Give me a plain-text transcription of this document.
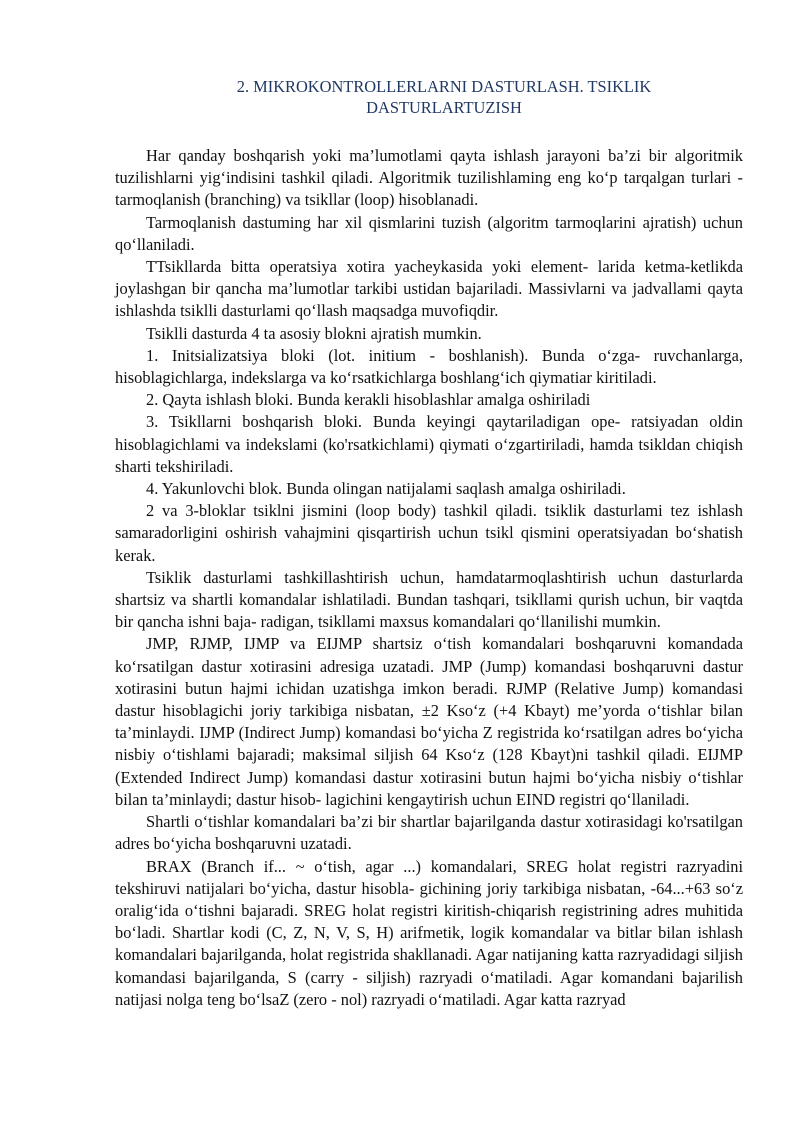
2. MIKROKONTROLLERLARNI DASTURLASH. TSIKLIK
DASTURLARTUZISH

Har qanday boshqarish yoki ma’lumotlami qayta ishlash jarayoni ba’zi bir algoritmik tuzilishlarni yig‘indisini tashkil qiladi. Algoritmik tuzilishlaming eng ko‘p tarqalgan turlari - tarmoqlanish (branching) va tsikllar (loop) hisoblanadi.

Tarmoqlanish dastuming har xil qismlarini tuzish (algoritm tarmoqlarini ajratish) uchun qo‘llaniladi.

TTsikllarda bitta operatsiya xotira yacheykasida yoki element- larida ketma-ketlikda joylashgan bir qancha ma’lumotlar tarkibi ustidan bajariladi. Massivlarni va jadvallami qayta ishlashda tsiklli dasturlami qo‘llash maqsadga muvofiqdir.

Tsiklli dasturda 4 ta asosiy blokni ajratish mumkin.

1. Initsializatsiya bloki (lot. initium - boshlanish). Bunda o‘zga- ruvchanlarga, hisoblagichlarga, indekslarga va ko‘rsatkichlarga boshlang‘ich qiymatiar kiritiladi.

2. Qayta ishlash bloki. Bunda kerakli hisoblashlar amalga oshiriladi

3. Tsikllarni boshqarish bloki. Bunda keyingi qaytariladigan ope- ratsiyadan oldin hisoblagichlami va indekslami (ko'rsatkichlami) qiymati o‘zgartiriladi, hamda tsikldan chiqish sharti tekshiriladi.

4. Yakunlovchi blok. Bunda olingan natijalami saqlash amalga oshiriladi.

2 va 3-bloklar tsiklni jismini (loop body) tashkil qiladi. tsiklik dasturlami tez ishlash samaradorligini oshirish vahajmini qisqartirish uchun tsikl qismini operatsiyadan bo‘shatish kerak.

Tsiklik dasturlami tashkillashtirish uchun, hamdatarmoqlashtirish uchun dasturlarda shartsiz va shartli komandalar ishlatiladi. Bundan tashqari, tsikllami qurish uchun, bir vaqtda bir qancha ishni baja- radigan, tsikllami maxsus komandalari qo‘llanilishi mumkin.

JMP, RJMP, IJMP va EIJMP shartsiz o‘tish komandalari boshqaruvni komandada ko‘rsatilgan dastur xotirasini adresiga uzatadi. JMP (Jump) komandasi boshqaruvni dastur xotirasini butun hajmi ichidan uzatishga imkon beradi. RJMP (Relative Jump) komandasi dastur hisoblagichi joriy tarkibiga nisbatan, ±2 Kso‘z (+4 Kbayt) me’yorda o‘tishlar bilan ta’minlaydi. IJMP (Indirect Jump) komandasi bo‘yicha Z registrida ko‘rsatilgan adres bo‘yicha nisbiy o‘tishlami bajaradi; maksimal siljish 64 Kso‘z (128 Kbayt)ni tashkil qiladi. EIJMP (Extended Indirect Jump) komandasi dastur xotirasini butun hajmi bo‘yicha nisbiy o‘tishlar bilan ta’minlaydi; dastur hisob- lagichini kengaytirish uchun EIND registri qo‘llaniladi.

Shartli o‘tishlar komandalari ba’zi bir shartlar bajarilganda dastur xotirasidagi ko'rsatilgan adres bo‘yicha boshqaruvni uzatadi.

BRAX (Branch if... ~ o‘tish, agar ...) komandalari, SREG holat registri razryadini tekshiruvi natijalari bo‘yicha, dastur hisobla- gichining joriy tarkibiga nisbatan, -64...+63 so‘z oralig‘ida o‘tishni bajaradi. SREG holat registri kiritish-chiqarish registrining adres muhitida bo‘ladi. Shartlar kodi (C, Z, N, V, S, H) arifmetik, logik komandalar va bitlar bilan ishlash komandalari bajarilganda, holat registrida shakllanadi. Agar natijaning katta razryadidagi siljish komandasi bajarilganda, S (carry - siljish) razryadi o‘matiladi. Agar komandani bajarilish natijasi nolga teng bo‘lsaZ (zero - nol) razryadi o‘matiladi. Agar katta razryad
